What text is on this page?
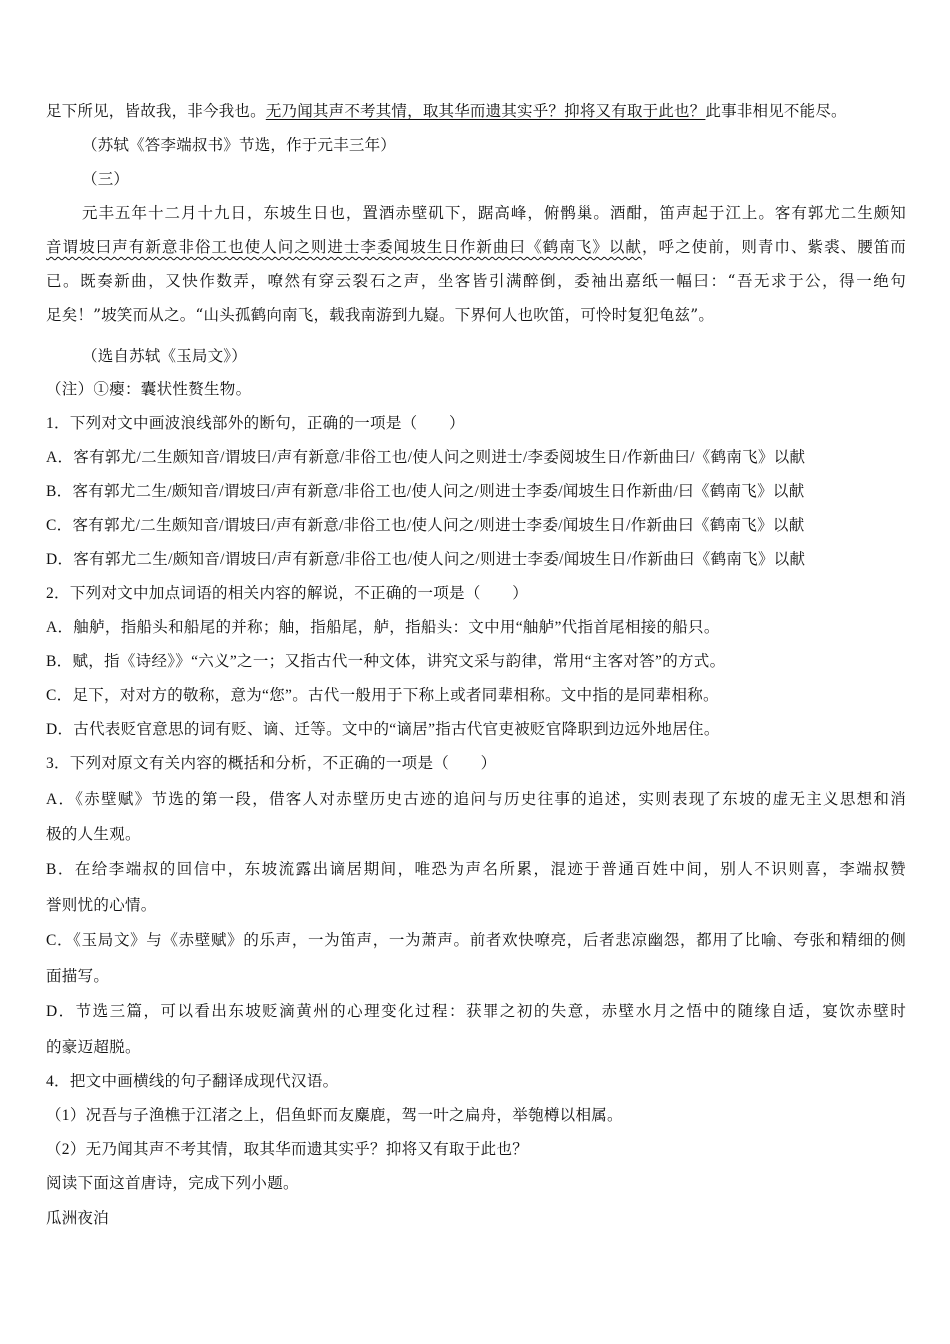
足下所见，皆故我，非今我也。无乃闻其声不考其情，取其华而遗其实乎？抑将又有取于此也？此事非相见不能尽。
（苏轼《答李端叔书》节选，作于元丰三年）
（三）
元丰五年十二月十九日，东坡生日也，置酒赤壁矶下，踞高峰，俯鹘巢。酒酣，笛声起于江上。客有郭尤二生颇知
音谓坡曰声有新意非俗工也使人问之则进士李委闻坡生日作新曲曰《鹤南飞》以献，呼之使前，则青巾、紫裘、腰笛而
已。既奏新曲，又快作数弄，嘹然有穿云裂石之声，坐客皆引满醉倒，委袖出嘉纸一幅曰：“吾无求于公，得一绝句
足矣！”坡笑而从之。“山头孤鹤向南飞，载我南游到九嶷。下界何人也吹笛，可怜时复犯龟兹”。
（选自苏轼《玉局文》）
（注）①瘿：囊状性赘生物。
1．下列对文中画波浪线部外的断句，正确的一项是（　　）
A．客有郭尤/二生颇知音/谓坡曰/声有新意/非俗工也/使人问之则进士/李委阅坡生日/作新曲曰/《鹤南飞》以献
B．客有郭尤二生/颇知音/谓坡曰/声有新意/非俗工也/使人问之/则进士李委/闻坡生日作新曲/曰《鹤南飞》以献
C．客有郭尤/二生颇知音/谓坡曰/声有新意/非俗工也/使人问之/则进士李委/闻坡生日/作新曲曰《鹤南飞》以献
D．客有郭尤二生/颇知音/谓坡曰/声有新意/非俗工也/使人问之/则进士李委/闻坡生日/作新曲曰《鹤南飞》以献
2．下列对文中加点词语的相关内容的解说，不正确的一项是（　　）
A．舳舻，指船头和船尾的并称；舳，指船尾，舻，指船头：文中用“舳舻”代指首尾相接的船只。
B．赋，指《诗经》》“六义”之一；又指古代一种文体，讲究文采与韵律，常用“主客对答”的方式。
C．足下，对对方的敬称，意为“您”。古代一般用于下称上或者同辈相称。文中指的是同辈相称。
D．古代表贬官意思的词有贬、谪、迁等。文中的“谪居”指古代官吏被贬官降职到边远外地居住。
3．下列对原文有关内容的概括和分析，不正确的一项是（　　）
A．《赤壁赋》节选的第一段，借客人对赤壁历史古迹的追问与历史往事的追述，实则表现了东坡的虚无主义思想和消
极的人生观。
B．在给李端叔的回信中，东坡流露出谪居期间，唯恐为声名所累，混迹于普通百姓中间，别人不识则喜，李端叔赞
誉则忧的心情。
C．《玉局文》与《赤壁赋》的乐声，一为笛声，一为萧声。前者欢快嘹亮，后者悲凉幽怨，都用了比喻、夸张和精细的侧
面描写。
D．节选三篇，可以看出东坡贬滴黄州的心理变化过程：获罪之初的失意，赤壁水月之悟中的随缘自适，宴饮赤壁时
的豪迈超脱。
4．把文中画横线的句子翻译成现代汉语。
（1）况吾与子渔樵于江渚之上，侣鱼虾而友麋鹿，驾一叶之扁舟，举匏樽以相属。
（2）无乃闻其声不考其情，取其华而遗其实乎？抑将又有取于此也？
阅读下面这首唐诗，完成下列小题。
瓜洲夜泊
